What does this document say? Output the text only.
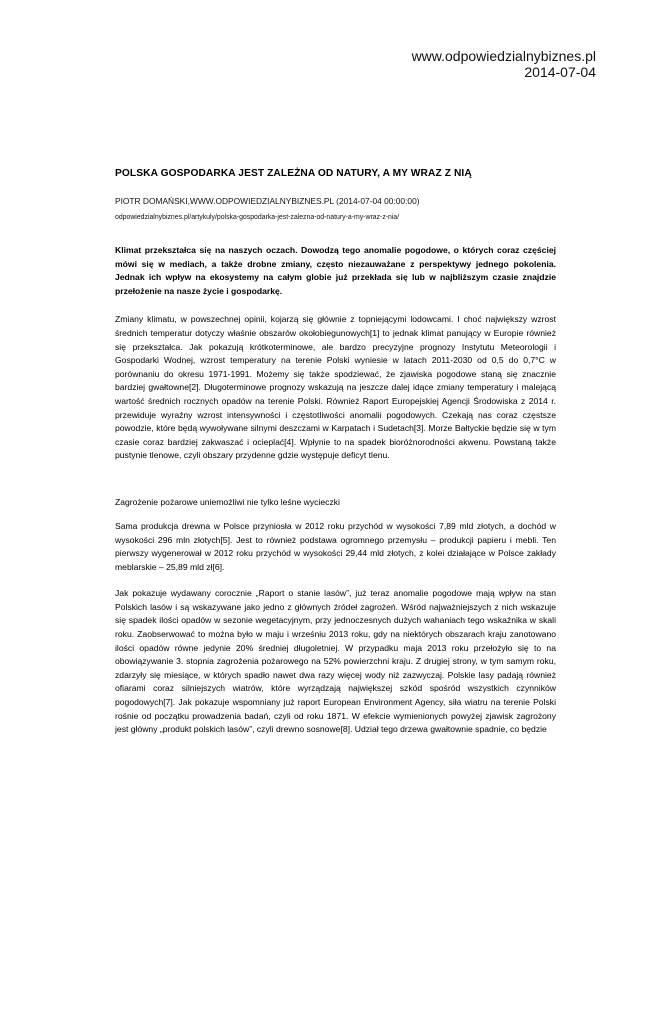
www.odpowiedzialnybiznes.pl
2014-07-04
POLSKA GOSPODARKA JEST ZALEŻNA OD NATURY, A MY WRAZ Z NIĄ
PIOTR DOMAŃSKI,WWW.ODPOWIEDZIALNYBIZNES.PL (2014-07-04 00:00:00)
odpowiedzialnybiznes.pl/artykuly/polska-gospodarka-jest-zalezna-od-natury-a-my-wraz-z-nia/

Klimat przekształca się na naszych oczach. Dowodzą tego anomalie pogodowe, o których coraz częściej mówi się w mediach, a także drobne zmiany, często niezauważane z perspektywy jednego pokolenia. Jednak ich wpływ na ekosystemy na całym globie już przekłada się lub w najbliższym czasie znajdzie przełożenie na nasze życie i gospodarkę.

Zmiany klimatu, w powszechnej opinii, kojarzą się głównie z topniejącymi lodowcami. I choć największy wzrost średnich temperatur dotyczy właśnie obszarów okołobiegunowych[1] to jednak klimat panujący w Europie również się przekształca. Jak pokazują krótkoterminowe, ale bardzo precyzyjne prognozy Instytutu Meteorologii i Gospodarki Wodnej, wzrost temperatury na terenie Polski wyniesie w latach 2011-2030 od 0,5 do 0,7°C w porównaniu do okresu 1971-1991. Możemy się także spodziewać, że zjawiska pogodowe staną się znacznie bardziej gwałtowne[2]. Długoterminowe prognozy wskazują na jeszcze dalej idące zmiany temperatury i malejącą wartość średnich rocznych opadów na terenie Polski. Również Raport Europejskiej Agencji Środowiska z 2014 r. przewiduje wyraźny wzrost intensywności i częstotliwości anomalii pogodowych. Czekają nas coraz częstsze powodzie, które będą wywoływane silnymi deszczami w Karpatach i Sudetach[3]. Morze Bałtyckie będzie się w tym czasie coraz bardziej zakwaszać i ocieplać[4]. Wpłynie to na spadek bioróżnorodności akwenu. Powstaną także pustynie tlenowe, czyli obszary przydenne gdzie występuje deficyt tlenu.

Zagrożenie pożarowe uniemożliwi nie tylko leśne wycieczki

Sama produkcja drewna w Polsce przyniosła w 2012 roku przychód w wysokości 7,89 mld złotych, a dochód w wysokości 296 mln złotych[5]. Jest to również podstawa ogromnego przemysłu – produkcji papieru i mebli. Ten pierwszy wygenerował w 2012 roku przychód w wysokości 29,44 mld złotych, z kolei działające w Polsce zakłady meblarskie – 25,89 mld zł[6].

Jak pokazuje wydawany corocznie „Raport o stanie lasów”, już teraz anomalie pogodowe mają wpływ na stan Polskich lasów i są wskazywane jako jedno z głównych źródeł zagrożeń. Wśród najważniejszych z nich wskazuje się spadek ilości opadów w sezonie wegetacyjnym, przy jednoczesnych dużych wahaniach tego wskaźnika w skali roku. Zaobserwować to można było w maju i wrześniu 2013 roku, gdy na niektórych obszarach kraju zanotowano ilości opadów równe jedynie 20% średniej długoletniej. W przypadku maja 2013 roku przełożyło się to na obowiązywanie 3. stopnia zagrożenia pożarowego na 52% powierzchni kraju. Z drugiej strony, w tym samym roku, zdarzyły się miesiące, w których spadło nawet dwa razy więcej wody niż zazwyczaj. Polskie lasy padają również ofiarami coraz silniejszych wiatrów, które wyrządzają największej szkód spośród wszystkich czynników pogodowych[7]. Jak pokazuje wspomniany już raport European Environment Agency, siła wiatru na terenie Polski rośnie od początku prowadzenia badań, czyli od roku 1871. W efekcie wymienionych powyżej zjawisk zagrożony jest główny „produkt polskich lasów”, czyli drewno sosnowe[8]. Udział tego drzewa gwałtownie spadnie, co będzie
